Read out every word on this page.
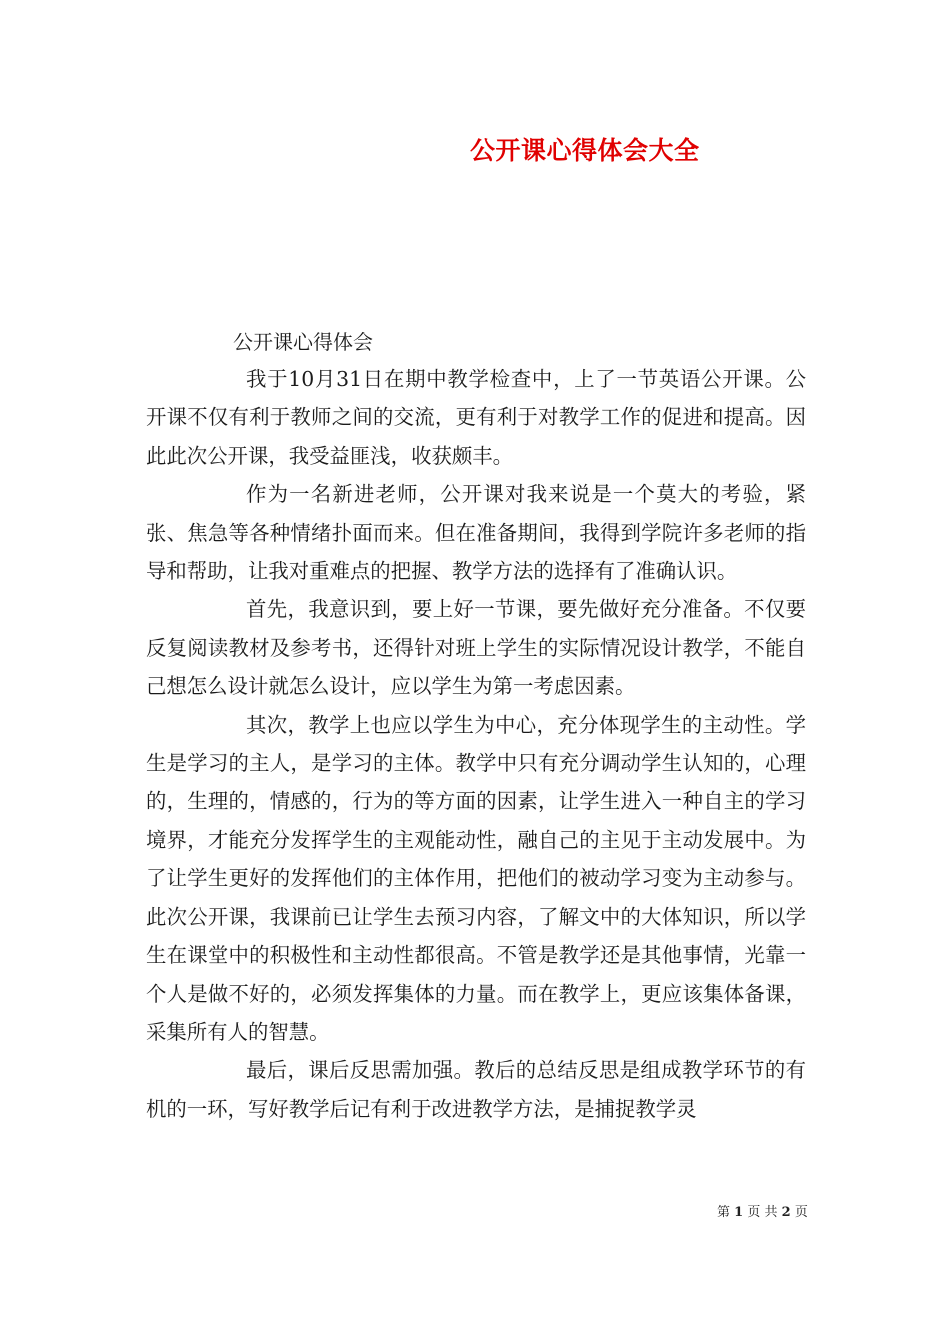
公开课心得体会大全
公开课心得体会

我于10月31日在期中教学检查中，上了一节英语公开课。公开课不仅有利于教师之间的交流，更有利于对教学工作的促进和提高。因此此次公开课，我受益匪浅，收获颇丰。

作为一名新进老师，公开课对我来说是一个莫大的考验，紧张、焦急等各种情绪扑面而来。但在准备期间，我得到学院许多老师的指导和帮助，让我对重难点的把握、教学方法的选择有了准确认识。

首先，我意识到，要上好一节课，要先做好充分准备。不仅要反复阅读教材及参考书，还得针对班上学生的实际情况设计教学，不能自己想怎么设计就怎么设计，应以学生为第一考虑因素。

其次，教学上也应以学生为中心，充分体现学生的主动性。学生是学习的主人，是学习的主体。教学中只有充分调动学生认知的，心理的，生理的，情感的，行为的等方面的因素，让学生进入一种自主的学习境界，才能充分发挥学生的主观能动性，融自己的主见于主动发展中。为了让学生更好的发挥他们的主体作用，把他们的被动学习变为主动参与。此次公开课，我课前已让学生去预习内容，了解文中的大体知识，所以学生在课堂中的积极性和主动性都很高。不管是教学还是其他事情，光靠一个人是做不好的，必须发挥集体的力量。而在教学上，更应该集体备课，采集所有人的智慧。

最后，课后反思需加强。教后的总结反思是组成教学环节的有机的一环，写好教学后记有利于改进教学方法，是捕捉教学灵

第 1 页 共 2 页
